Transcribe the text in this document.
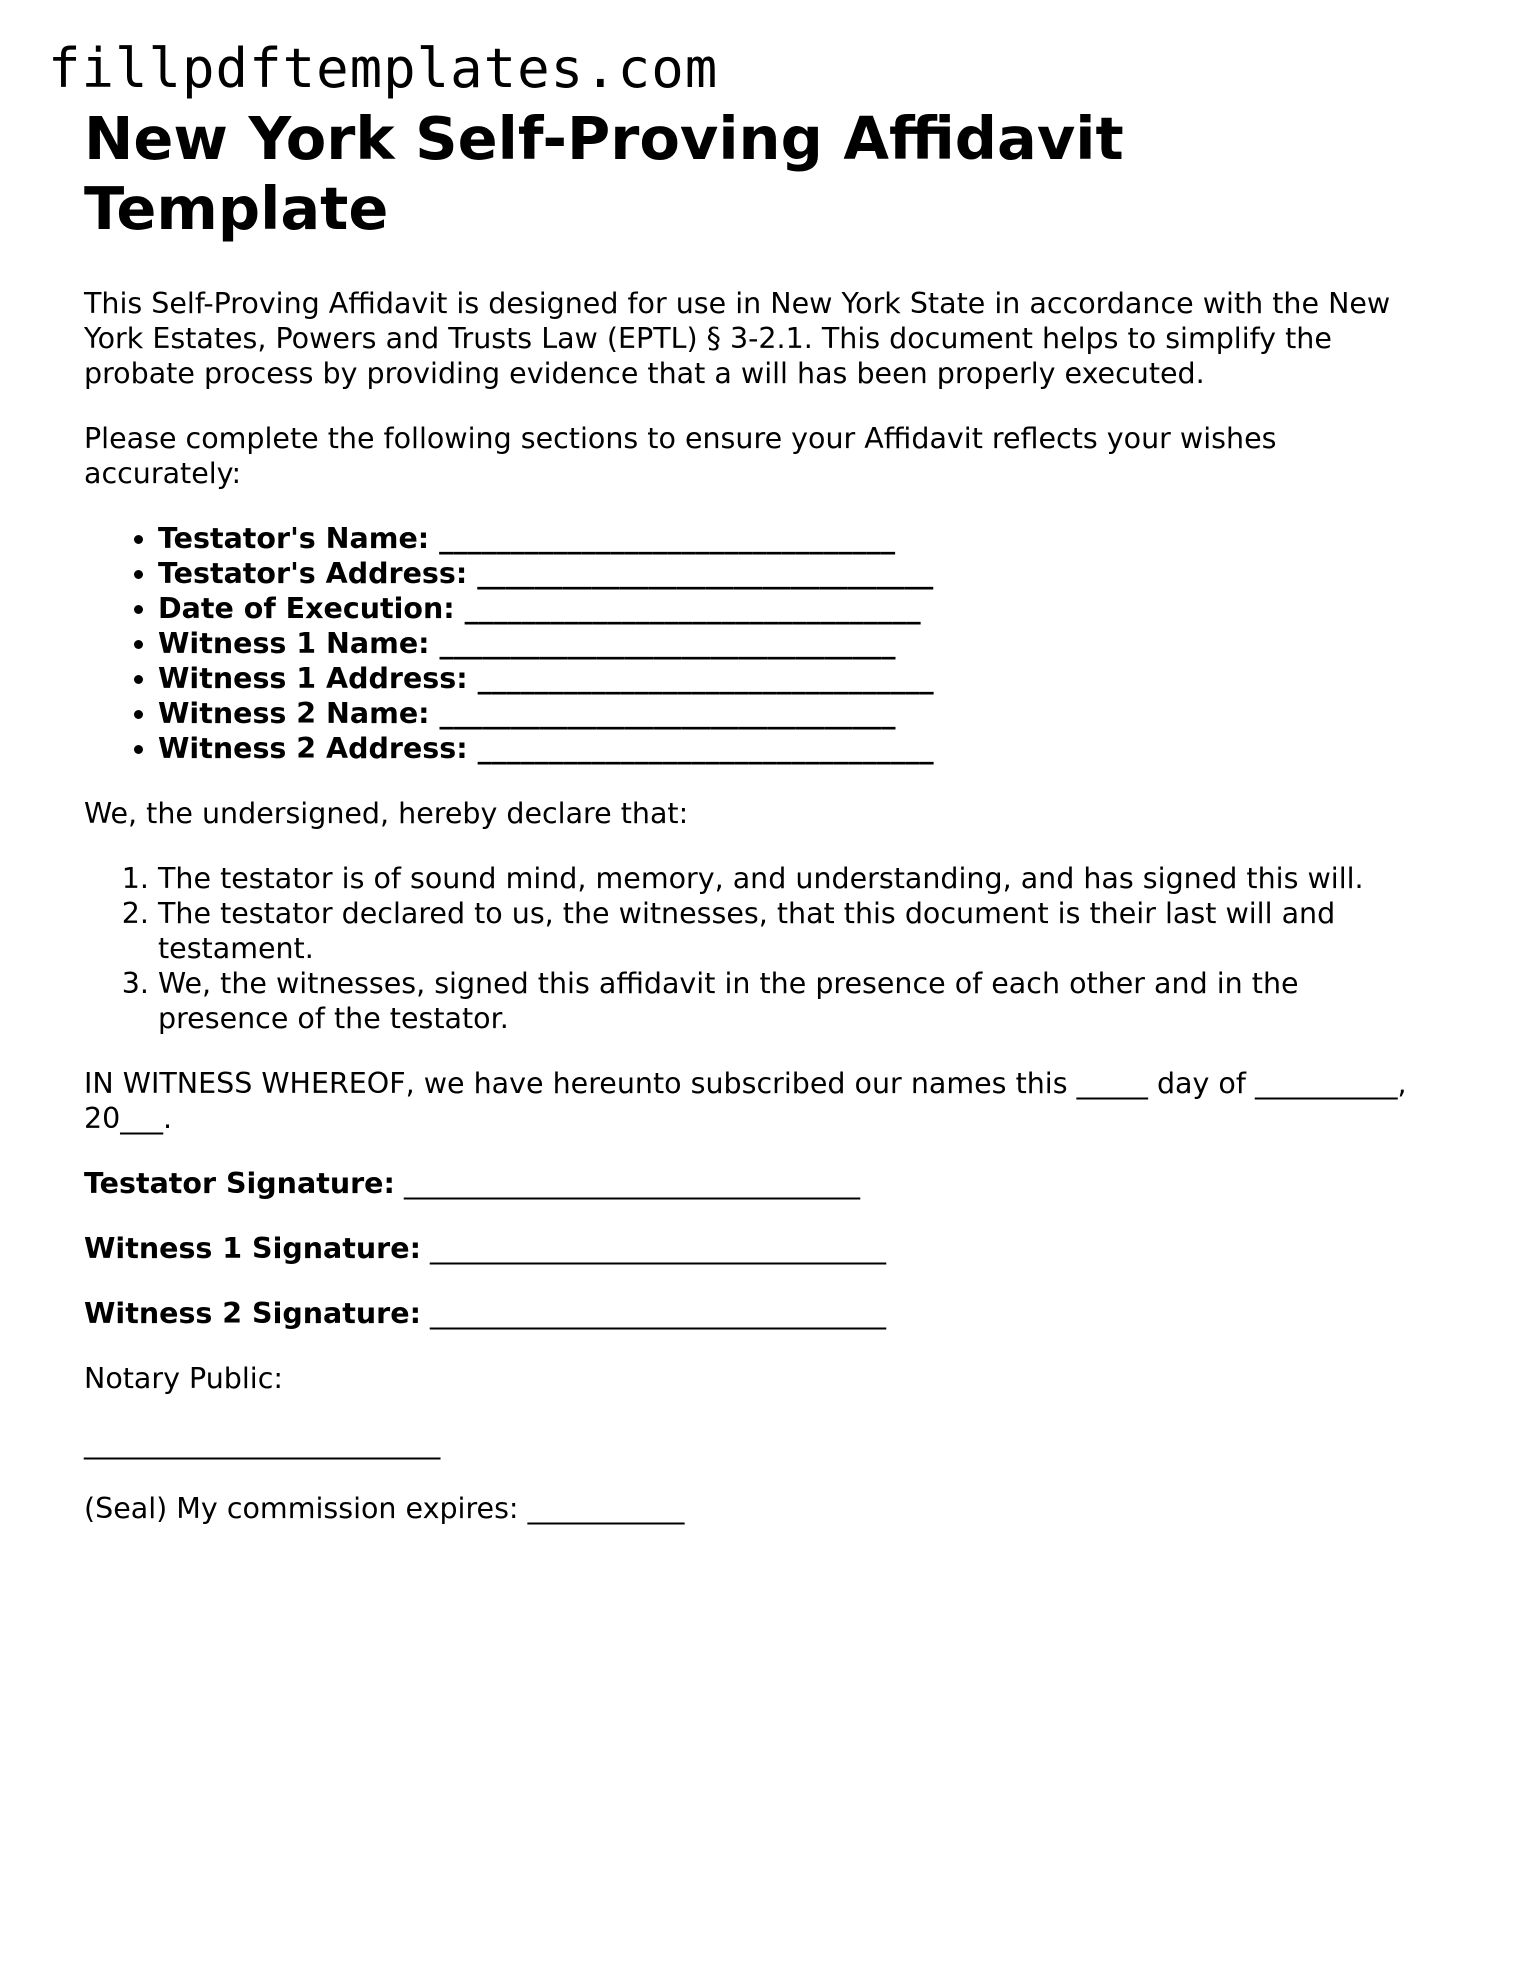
fillpdftemplates.com
New York Self-Proving Affidavit Template

This Self-Proving Affidavit is designed for use in New York State in accordance with the New York Estates, Powers and Trusts Law (EPTL) § 3-2.1. This document helps to simplify the probate process by providing evidence that a will has been properly executed.

Please complete the following sections to ensure your Affidavit reflects your wishes accurately:

• Testator's Name: ________________________________
• Testator's Address: ________________________________
• Date of Execution: ________________________________
• Witness 1 Name: ________________________________
• Witness 1 Address: ________________________________
• Witness 2 Name: ________________________________
• Witness 2 Address: ________________________________

We, the undersigned, hereby declare that:

1. The testator is of sound mind, memory, and understanding, and has signed this will.
2. The testator declared to us, the witnesses, that this document is their last will and testament.
3. We, the witnesses, signed this affidavit in the presence of each other and in the presence of the testator.

IN WITNESS WHEREOF, we have hereunto subscribed our names this _____ day of __________, 20___.

Testator Signature: ________________________________
Witness 1 Signature: ________________________________
Witness 2 Signature: ________________________________

Notary Public:

_________________________

(Seal) My commission expires: ___________
